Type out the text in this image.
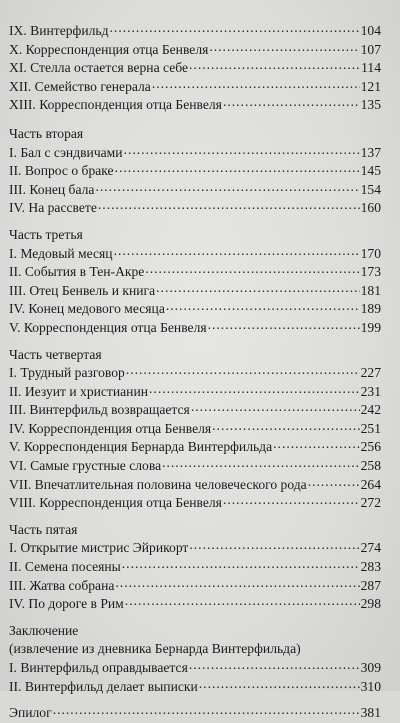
IX. Винтерфильд .....	104
X. Корреспонденция отца Бенвеля .....	107
XI. Стелла остается верна себе .....	114
XII. Семейство генерала .....	121
XIII. Корреспонденция отца Бенвеля .....	135
Часть вторая
I. Бал с сэндвичами .....	137
II. Вопрос о браке .....	145
III. Конец бала .....	154
IV. На рассвете .....	160
Часть третья
I. Медовый месяц .....	170
II. События в Тен-Акре .....	173
III. Отец Бенвель и книга .....	181
IV. Конец медового месяца .....	189
V. Корреспонденция отца Бенвеля .....	199
Часть четвертая
I. Трудный разговор .....	227
II. Иезуит и христианин .....	231
III. Винтерфильд возвращается .....	242
IV. Корреспонденция отца Бенвеля .....	251
V. Корреспонденция Бернарда Винтерфильда .....	256
VI. Самые грустные слова .....	258
VII. Впечатлительная половина человеческого рода .....	264
VIII. Корреспонденция отца Бенвеля .....	272
Часть пятая
I. Открытие мистрис Эйрикорт .....	274
II. Семена посеяны .....	283
III. Жатва собрана .....	287
IV. По дороге в Рим .....	298
Заключение
(извлечение из дневника Бернарда Винтерфильда)
I. Винтерфильд оправдывается .....	309
II. Винтерфильд делает выписки .....	310
Эпилог .....	381
